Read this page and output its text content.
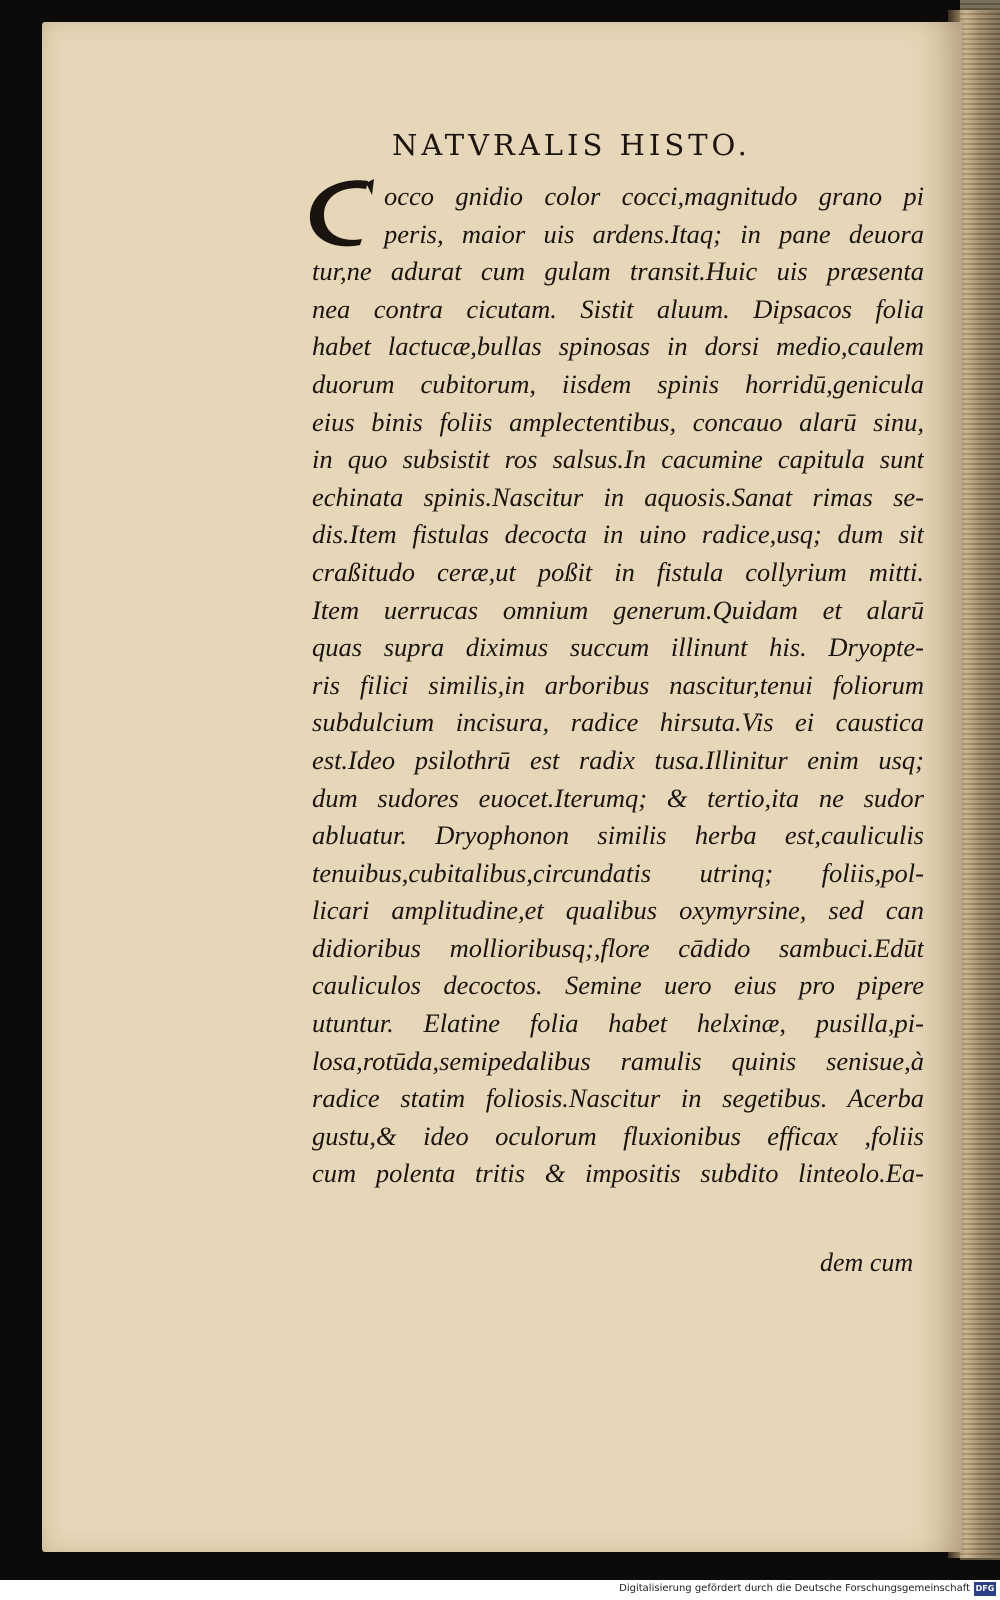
NATVRALIS HISTO.
C
occo gnidio color cocci,magnitudo grano pi
peris, maior uis ardens.Itaq; in pane deuora
tur,ne adurat cum gulam transit.Huic uis præsenta
nea contra cicutam. Sistit aluum. Dipsacos folia
habet lactucæ,bullas spinosas in dorsi medio,caulem
duorum cubitorum, iisdem spinis horridū,genicula
eius binis foliis amplectentibus, concauo alarū sinu,
in quo subsistit ros salsus.In cacumine capitula sunt
echinata spinis.Nascitur in aquosis.Sanat rimas se-
dis.Item fistulas decocta in uino radice,usq; dum sit
craßitudo ceræ,ut poßit in fistula collyrium mitti.
Item uerrucas omnium generum.Quidam et alarū
quas supra diximus succum illinunt his. Dryopte-
ris filici similis,in arboribus nascitur,tenui foliorum
subdulcium incisura, radice hirsuta.Vis ei caustica
est.Ideo psilothrū est radix tusa.Illinitur enim usq;
dum sudores euocet.Iterumq; & tertio,ita ne sudor
abluatur. Dryophonon similis herba est,cauliculis
tenuibus,cubitalibus,circundatis utrinq; foliis,pol-
licari amplitudine,et qualibus oxymyrsine, sed can
didioribus mollioribusq;,flore cādido sambuci.Edūt
cauliculos decoctos. Semine uero eius pro pipere
utuntur. Elatine folia habet helxinæ, pusilla,pi-
losa,rotūda,semipedalibus ramulis quinis senisue,à
radice statim foliosis.Nascitur in segetibus. Acerba
gustu,& ideo oculorum fluxionibus efficax ,foliis
cum polenta tritis & impositis subdito linteolo.Ea-
dem cum
Digitalisierung gefördert durch die Deutsche Forschungsgemeinschaft DFG
